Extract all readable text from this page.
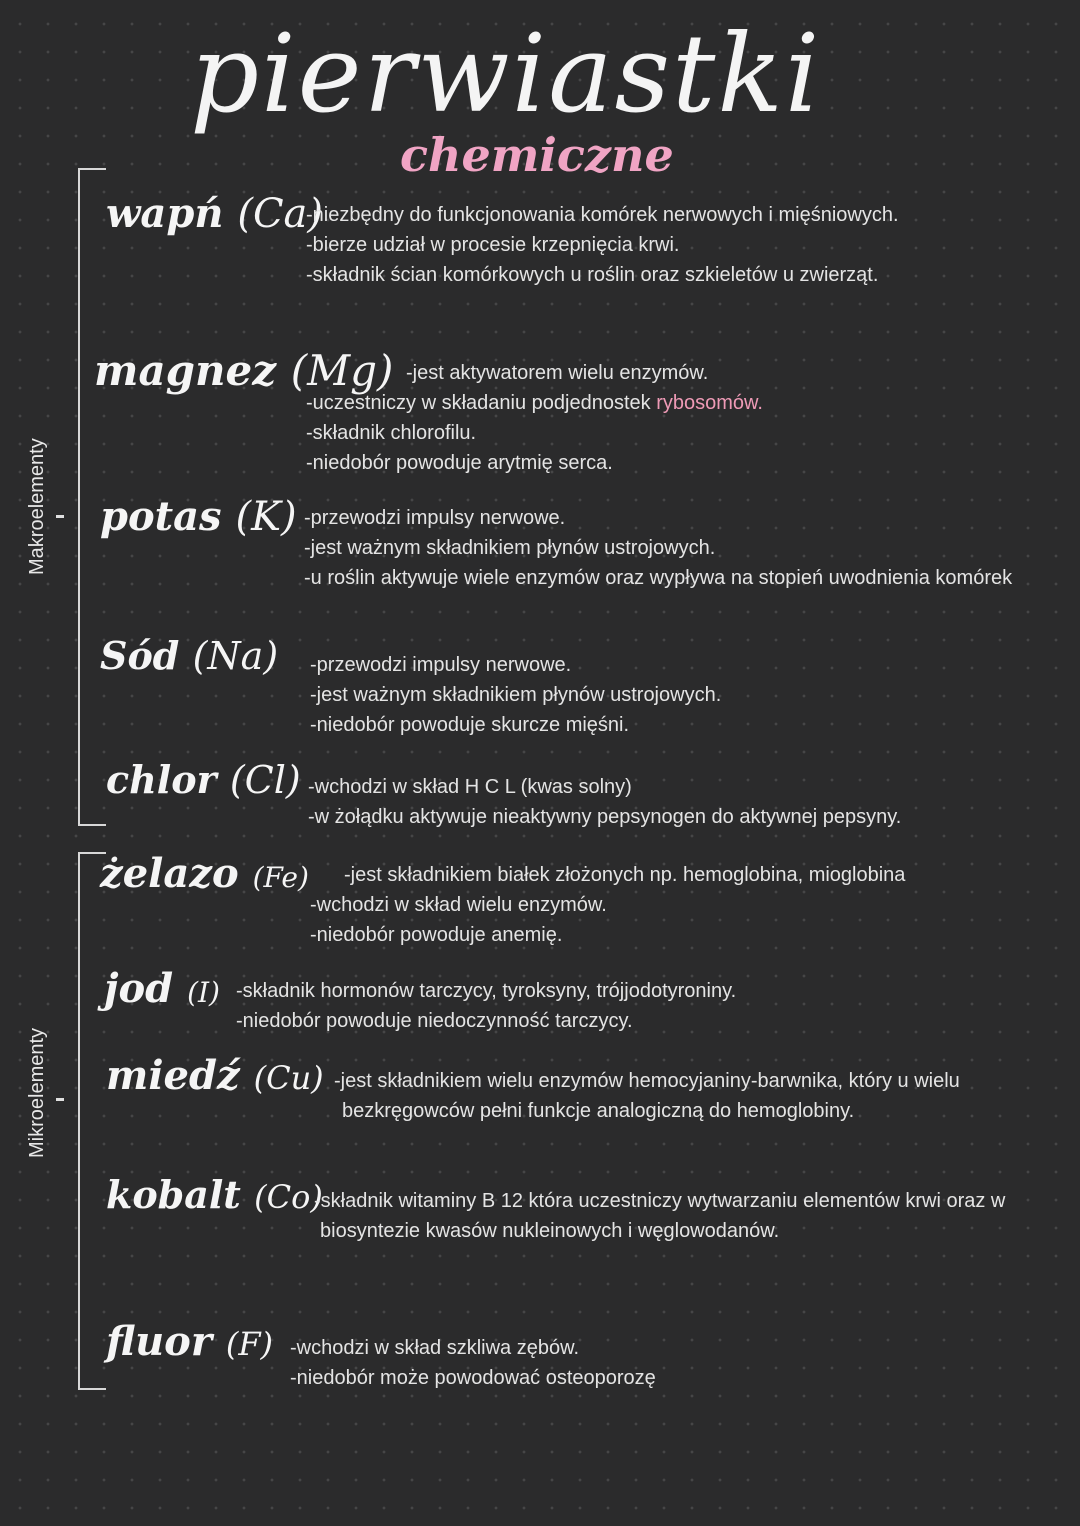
pierwiastki
chemiczne
Makroelementy
Mikroelementy
wapń (Ca)
-niezbędny do funkcjonowania komórek nerwowych i mięśniowych.
-bierze udział w procesie krzepnięcia krwi.
-składnik ścian komórkowych u roślin oraz szkieletów u zwierząt.
magnez (Mg) -jest aktywatorem wielu enzymów.
-uczestniczy w składaniu podjednostek rybosomów.
-składnik chlorofilu.
-niedobór powoduje arytmię serca.
potas (K) -przewodzi impulsy nerwowe.
-jest ważnym składnikiem płynów ustrojowych.
-u roślin aktywuje wiele enzymów oraz wypływa na stopień uwodnienia komórek
Sód (Na) -przewodzi impulsy nerwowe.
-jest ważnym składnikiem płynów ustrojowych.
-niedobór powoduje skurcze mięśni.
chlor (Cl) -wchodzi w skład H C L (kwas solny)
-w żołądku aktywuje nieaktywny pepsynogen do aktywnej pepsyny.
żelazo (Fe)	-jest składnikiem białek złożonych np. hemoglobina, mioglobina
-wchodzi w skład wielu enzymów.
-niedobór powoduje anemię.
jod (I) -składnik hormonów tarczycy, tyroksyny, trójjodotyroniny.
-niedobór powoduje niedoczynność tarczycy.
miedź (Cu) -jest składnikiem wielu enzymów hemocyjaniny-barwnika, który u wielu
bezkręgowców pełni funkcje analogiczną do hemoglobiny.
kobalt (Co)
-składnik witaminy B 12 która uczestniczy wytwarzaniu elementów krwi oraz w
biosyntezie kwasów nukleinowych i węglowodanów.
fluor (F) -wchodzi w skład szkliwa zębów.
-niedobór może powodować osteoporozę
